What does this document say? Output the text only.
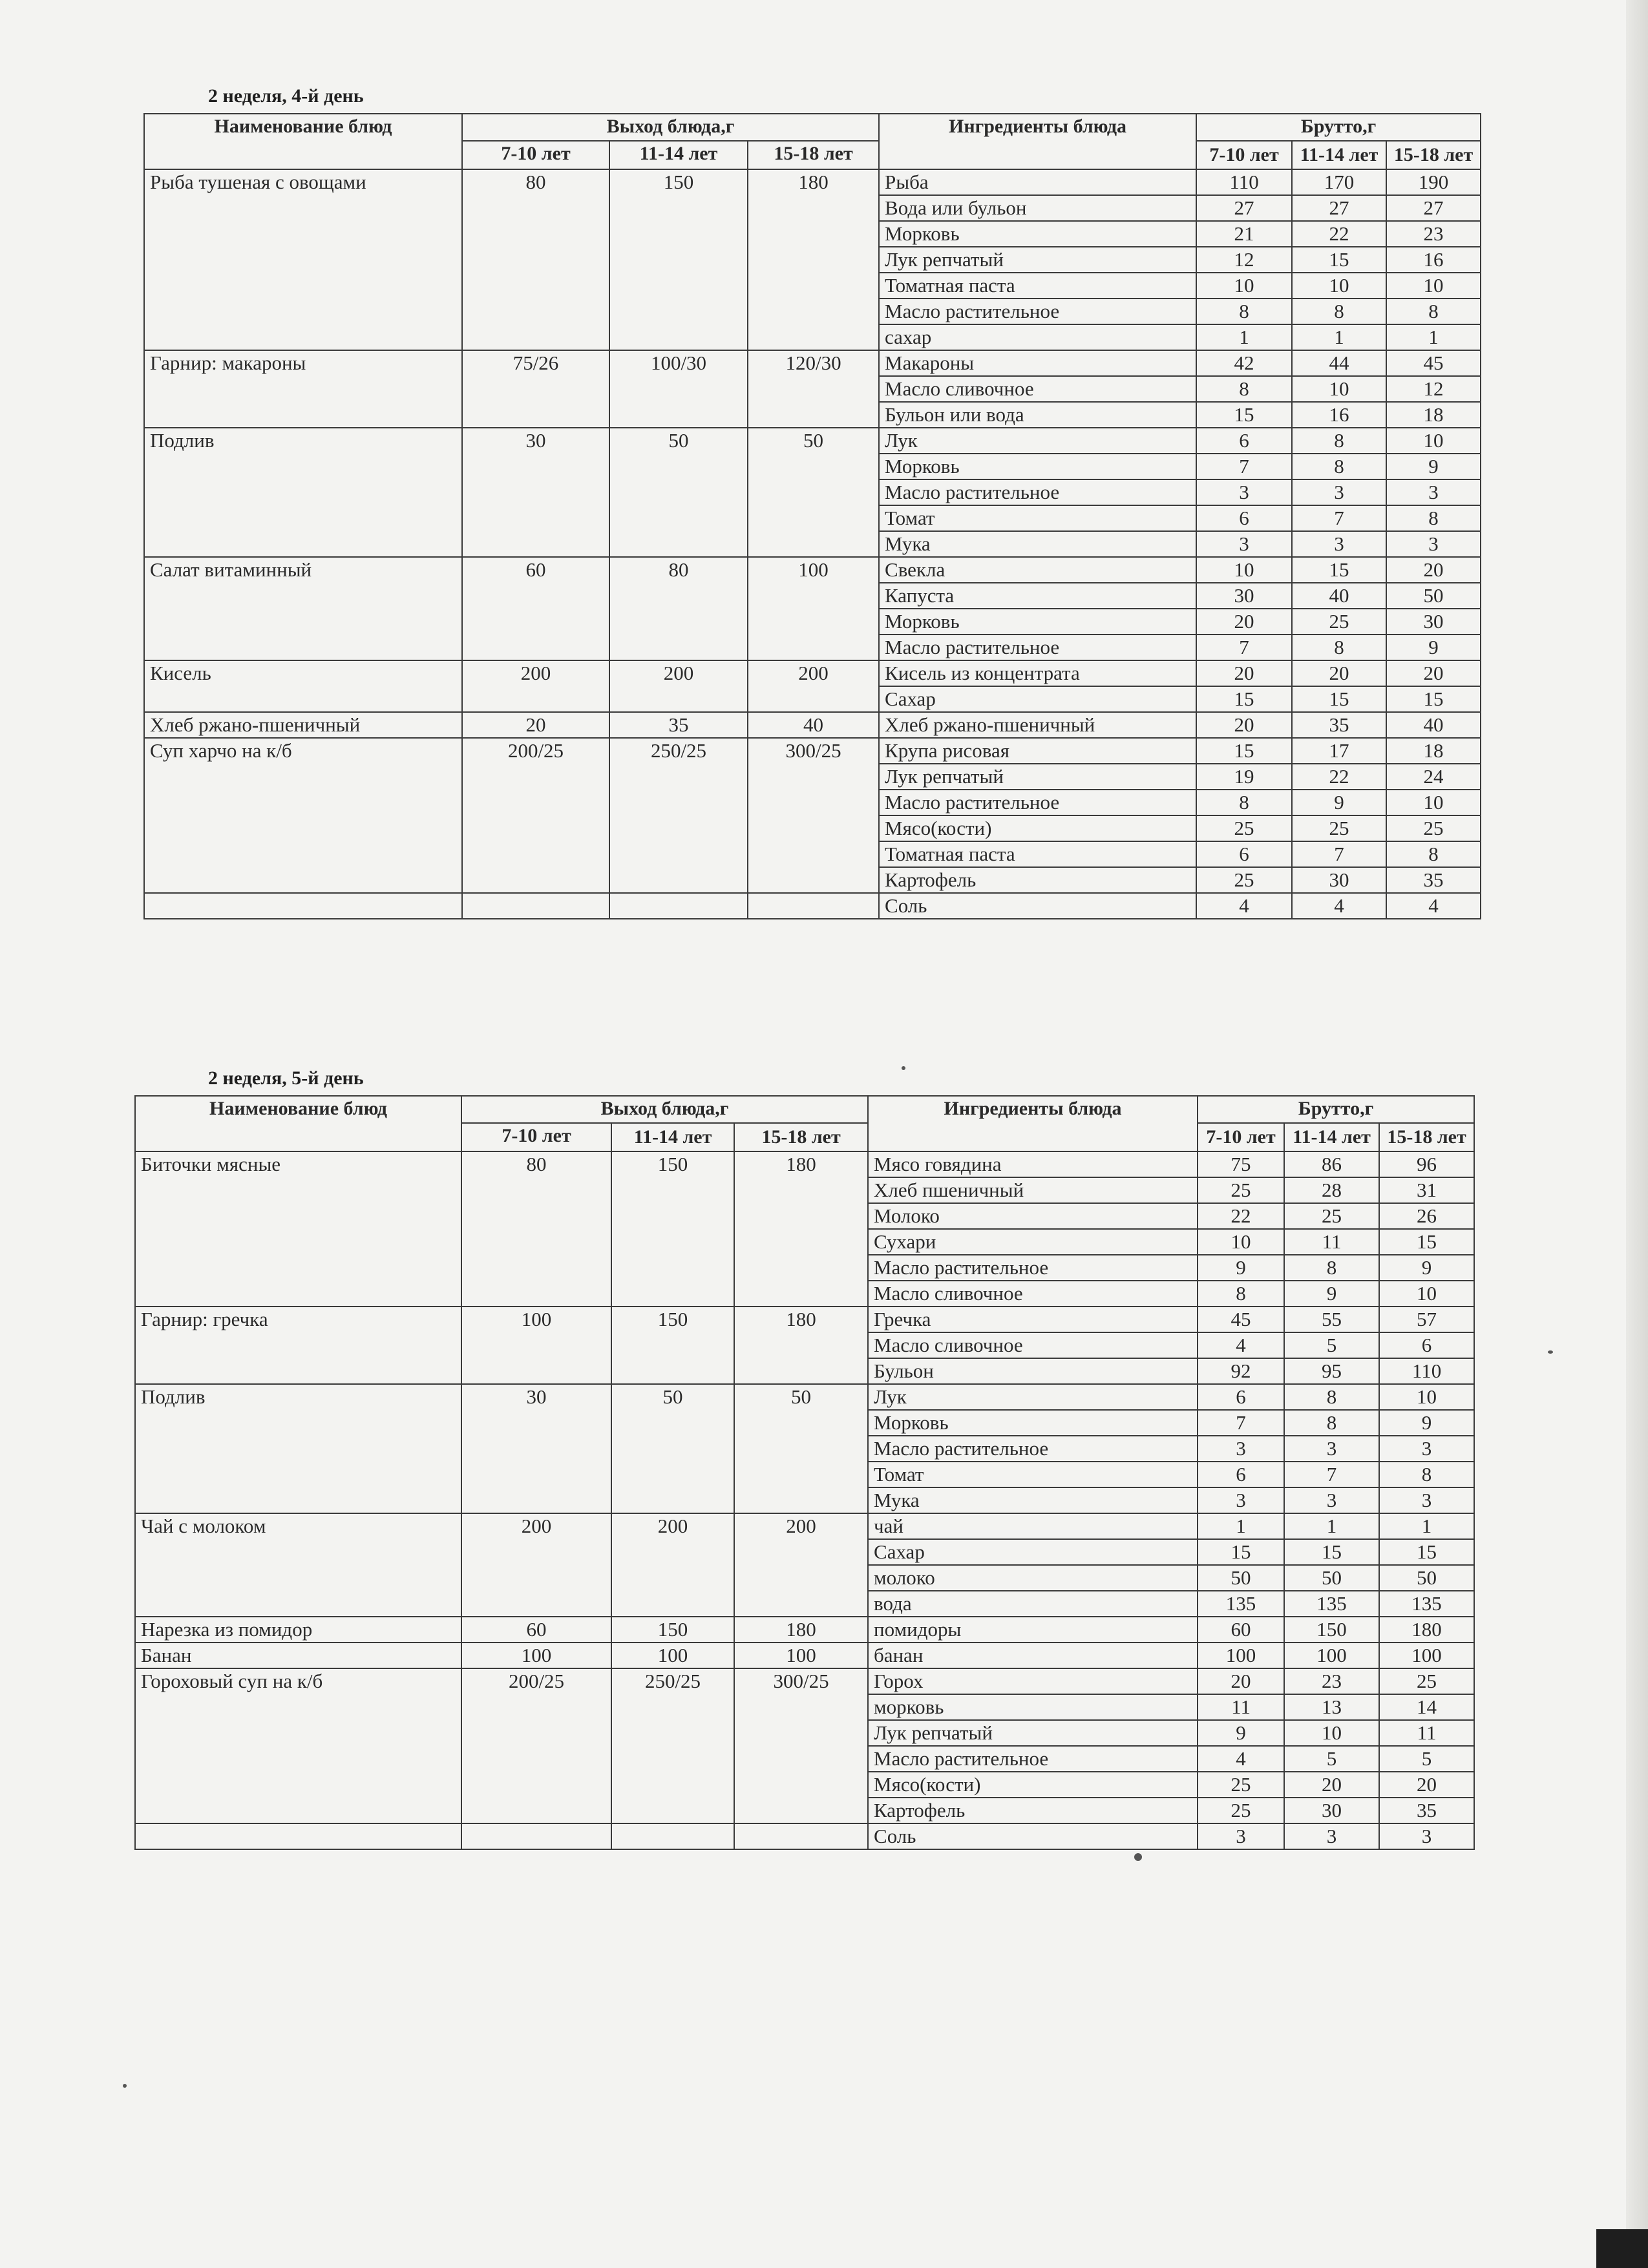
2 неделя, 4-й день
Наименование блюд	Выход блюда,г			Ингредиенты блюда	Брутто,г		
	7-10 лет	11-14 лет	15-18 лет		7-10 лет	11-14 лет	15-18 лет
Рыба тушеная с овощами	80	150	180	Рыба	110	170	190
				Вода или бульон	27	27	27
				Морковь	21	22	23
				Лук репчатый	12	15	16
				Томатная паста	10	10	10
				Масло растительное	8	8	8
				сахар	1	1	1
Гарнир: макароны	75/26	100/30	120/30	Макароны	42	44	45
				Масло сливочное	8	10	12
				Бульон или вода	15	16	18
Подлив	30	50	50	Лук	6	8	10
				Морковь	7	8	9
				Масло растительное	3	3	3
				Томат	6	7	8
				Мука	3	3	3
Салат витаминный	60	80	100	Свекла	10	15	20
				Капуста	30	40	50
				Морковь	20	25	30
				Масло растительное	7	8	9
Кисель	200	200	200	Кисель из концентрата	20	20	20
				Сахар	15	15	15
Хлеб ржано-пшеничный	20	35	40	Хлеб ржано-пшеничный	20	35	40
Суп харчо на к/б	200/25	250/25	300/25	Крупа рисовая	15	17	18
				Лук репчатый	19	22	24
				Масло растительное	8	9	10
				Мясо(кости)	25	25	25
				Томатная паста	6	7	8
				Картофель	25	30	35
				Соль	4	4	4
2 неделя, 5-й день
Наименование блюд	Выход блюда,г			Ингредиенты блюда	Брутто,г		
	7-10 лет	11-14 лет	15-18 лет		7-10 лет	11-14 лет	15-18 лет
Биточки мясные	80	150	180	Мясо говядина	75	86	96
				Хлеб пшеничный	25	28	31
				Молоко	22	25	26
				Сухари	10	11	15
				Масло растительное	9	8	9
				Масло сливочное	8	9	10
Гарнир: гречка	100	150	180	Гречка	45	55	57
				Масло сливочное	4	5	6
				Бульон	92	95	110
Подлив	30	50	50	Лук	6	8	10
				Морковь	7	8	9
				Масло растительное	3	3	3
				Томат	6	7	8
				Мука	3	3	3
Чай с молоком	200	200	200	чай	1	1	1
				Сахар	15	15	15
				молоко	50	50	50
				вода	135	135	135
Нарезка из помидор	60	150	180	помидоры	60	150	180
Банан	100	100	100	банан	100	100	100
Гороховый суп на к/б	200/25	250/25	300/25	Горох	20	23	25
				морковь	11	13	14
				Лук репчатый	9	10	11
				Масло растительное	4	5	5
				Мясо(кости)	25	20	20
				Картофель	25	30	35
				Соль	3	3	3
